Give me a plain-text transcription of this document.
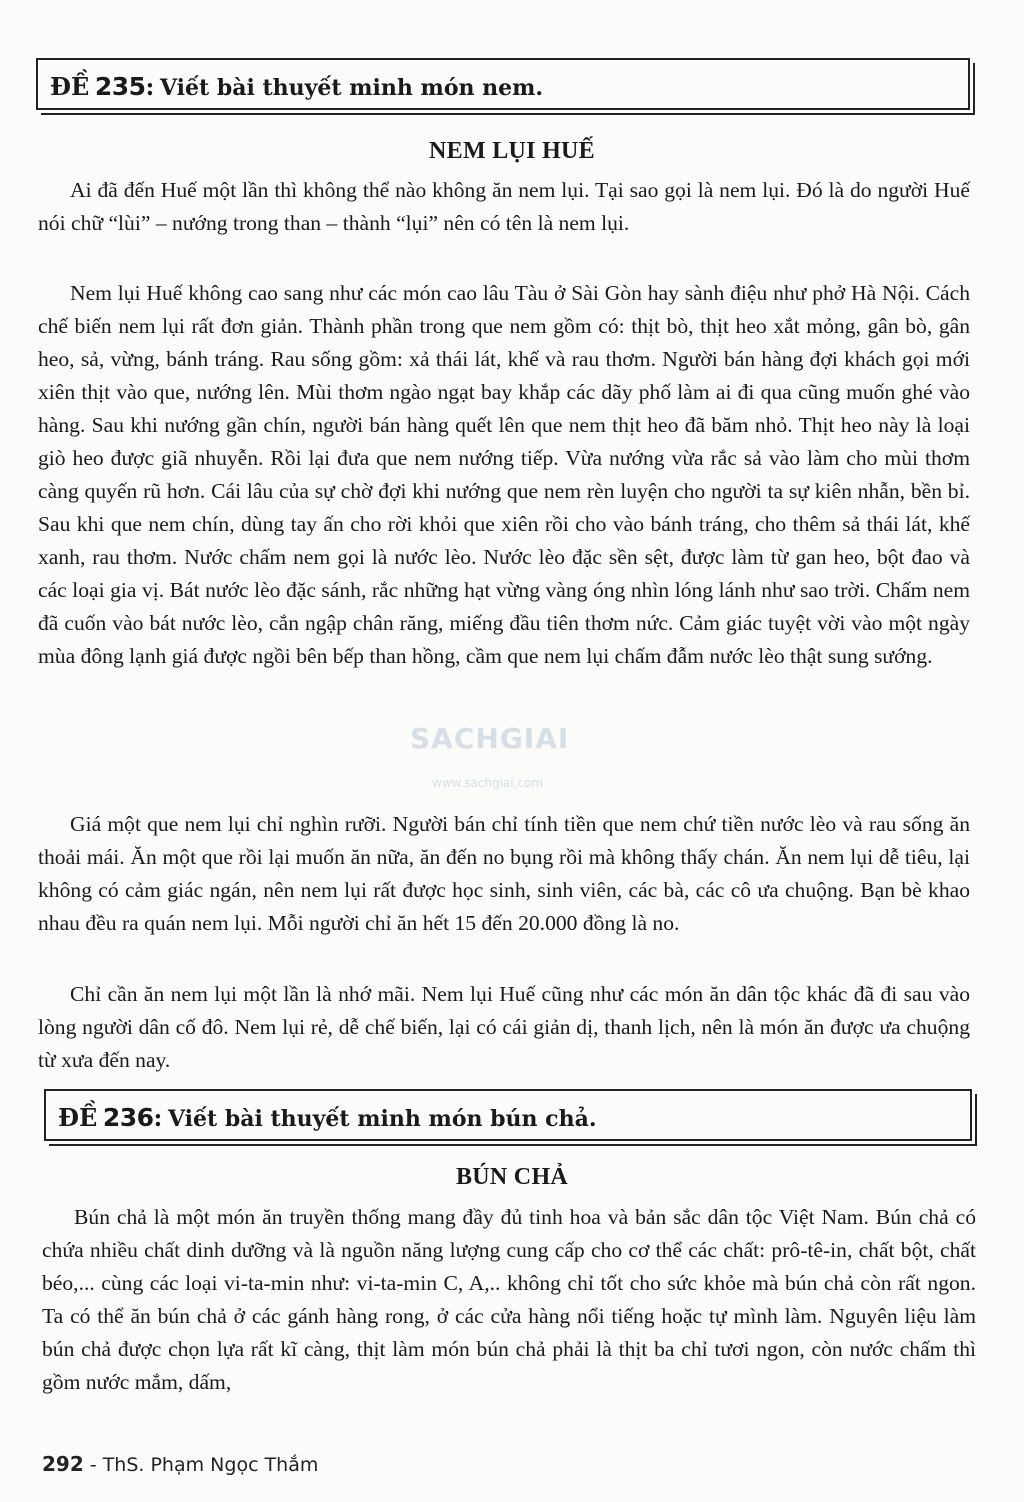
ĐỀ 235: Viết bài thuyết minh món nem.
NEM LỤI HUẾ

Ai đã đến Huế một lần thì không thể nào không ăn nem lụi. Tại sao gọi là nem lụi. Đó là do người Huế nói chữ “lùi” – nướng trong than – thành “lụi” nên có tên là nem lụi.

Nem lụi Huế không cao sang như các món cao lâu Tàu ở Sài Gòn hay sành điệu như phở Hà Nội. Cách chế biến nem lụi rất đơn giản. Thành phần trong que nem gồm có: thịt bò, thịt heo xắt mỏng, gân bò, gân heo, sả, vừng, bánh tráng. Rau sống gồm: xả thái lát, khế và rau thơm. Người bán hàng đợi khách gọi mới xiên thịt vào que, nướng lên. Mùi thơm ngào ngạt bay khắp các dãy phố làm ai đi qua cũng muốn ghé vào hàng. Sau khi nướng gần chín, người bán hàng quết lên que nem thịt heo đã băm nhỏ. Thịt heo này là loại giò heo được giã nhuyễn. Rồi lại đưa que nem nướng tiếp. Vừa nướng vừa rắc sả vào làm cho mùi thơm càng quyến rũ hơn. Cái lâu của sự chờ đợi khi nướng que nem rèn luyện cho người ta sự kiên nhẫn, bền bỉ. Sau khi que nem chín, dùng tay ấn cho rời khỏi que xiên rồi cho vào bánh tráng, cho thêm sả thái lát, khế xanh, rau thơm. Nước chấm nem gọi là nước lèo. Nước lèo đặc sền sệt, được làm từ gan heo, bột đao và các loại gia vị. Bát nước lèo đặc sánh, rắc những hạt vừng vàng óng nhìn lóng lánh như sao trời. Chấm nem đã cuốn vào bát nước lèo, cắn ngập chân răng, miếng đầu tiên thơm nức. Cảm giác tuyệt vời vào một ngày mùa đông lạnh giá được ngồi bên bếp than hồng, cầm que nem lụi chấm đẫm nước lèo thật sung sướng.

Giá một que nem lụi chỉ nghìn rưỡi. Người bán chỉ tính tiền que nem chứ tiền nước lèo và rau sống ăn thoải mái. Ăn một que rồi lại muốn ăn nữa, ăn đến no bụng rồi mà không thấy chán. Ăn nem lụi dễ tiêu, lại không có cảm giác ngán, nên nem lụi rất được học sinh, sinh viên, các bà, các cô ưa chuộng. Bạn bè khao nhau đều ra quán nem lụi. Mỗi người chỉ ăn hết 15 đến 20.000 đồng là no.

Chỉ cần ăn nem lụi một lần là nhớ mãi. Nem lụi Huế cũng như các món ăn dân tộc khác đã đi sau vào lòng người dân cố đô. Nem lụi rẻ, dễ chế biến, lại có cái giản dị, thanh lịch, nên là món ăn được ưa chuộng từ xưa đến nay.

SACHGIAI
www.sachgiai.com
ĐỀ 236: Viết bài thuyết minh món bún chả.
BÚN CHẢ

Bún chả là một món ăn truyền thống mang đầy đủ tinh hoa và bản sắc dân tộc Việt Nam. Bún chả có chứa nhiều chất dinh dưỡng và là nguồn năng lượng cung cấp cho cơ thể các chất: prô-tê-in, chất bột, chất béo,... cùng các loại vi-ta-min như: vi-ta-min C, A,.. không chỉ tốt cho sức khỏe mà bún chả còn rất ngon. Ta có thể ăn bún chả ở các gánh hàng rong, ở các cửa hàng nổi tiếng hoặc tự mình làm. Nguyên liệu làm bún chả được chọn lựa rất kĩ càng, thịt làm món bún chả phải là thịt ba chỉ tươi ngon, còn nước chấm thì gồm nước mắm, dấm,

292 - ThS. Phạm Ngọc Thắm
